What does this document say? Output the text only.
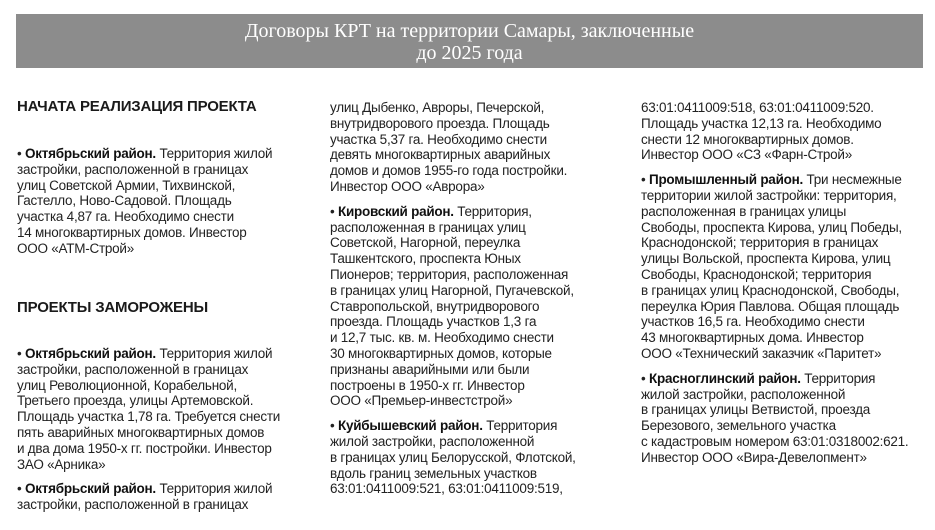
Договоры КРТ на территории Самары, заключенные
до 2025 года
НАЧАТА РЕАЛИЗАЦИЯ ПРОЕКТА
ПРОЕКТЫ ЗАМОРОЖЕНЫ
• Октябрьский район. Территория жилой
застройки, расположенной в границах
улиц Советской Армии, Тихвинской,
Гастелло, Ново-Садовой. Площадь
участка 4,87 га. Необходимо снести
14 многоквартирных домов. Инвестор
ООО «АТМ-Строй»
• Октябрьский район. Территория жилой
застройки, расположенной в границах
улиц Революционной, Корабельной,
Третьего проезда, улицы Артемовской.
Площадь участка 1,78 га. Требуется снести
пять аварийных многоквартирных домов
и два дома 1950-х гг. постройки. Инвестор
ЗАО «Арника»
• Октябрьский район. Территория жилой
застройки, расположенной в границах
улиц Дыбенко, Авроры, Печерской,
внутридворового проезда. Площадь
участка 5,37 га. Необходимо снести
девять многоквартирных аварийных
домов и домов 1955-го года постройки.
Инвестор ООО «Аврора»
• Кировский район. Территория,
расположенная в границах улиц
Советской, Нагорной, переулка
Ташкентского, проспекта Юных
Пионеров; территория, расположенная
в границах улиц Нагорной, Пугачевской,
Ставропольской, внутридворового
проезда. Площадь участков 1,3 га
и 12,7 тыс. кв. м. Необходимо снести
30 многоквартирных домов, которые
признаны аварийными или были
построены в 1950-х гг. Инвестор
ООО «Премьер-инвестстрой»
• Куйбышевский район. Территория
жилой застройки, расположенной
в границах улиц Белорусской, Флотской,
вдоль границ земельных участков
63:01:0411009:521, 63:01:0411009:519,
63:01:0411009:518, 63:01:0411009:520.
Площадь участка 12,13 га. Необходимо
снести 12 многоквартирных домов.
Инвестор ООО «СЗ «Фарн-Строй»
• Промышленный район. Три несмежные
территории жилой застройки: территория,
расположенная в границах улицы
Свободы, проспекта Кирова, улиц Победы,
Краснодонской; территория в границах
улицы Вольской, проспекта Кирова, улиц
Свободы, Краснодонской; территория
в границах улиц Краснодонской, Свободы,
переулка Юрия Павлова. Общая площадь
участков 16,5 га. Необходимо снести
43 многоквартирных дома. Инвестор
ООО «Технический заказчик «Паритет»
• Красноглинский район. Территория
жилой застройки, расположенной
в границах улицы Ветвистой, проезда
Березового, земельного участка
с кадастровым номером 63:01:0318002:621.
Инвестор ООО «Вира-Девелопмент»
